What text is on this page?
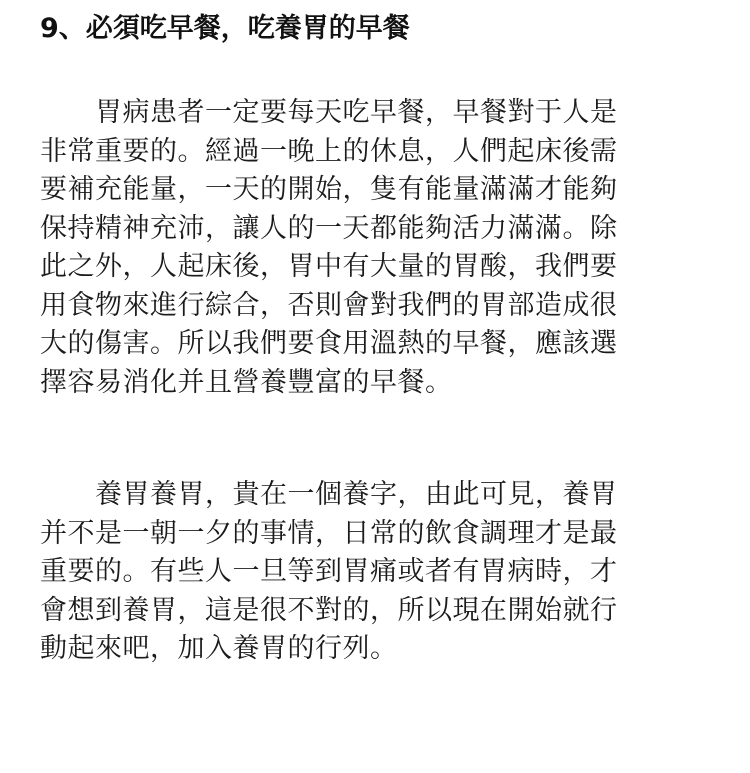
9、必須吃早餐，吃養胃的早餐
　　胃病患者一定要每天吃早餐，早餐對于人是
非常重要的。經過一晚上的休息，人們起床後需
要補充能量，一天的開始，隻有能量滿滿才能夠
保持精神充沛，讓人的一天都能夠活力滿滿。除
此之外，人起床後，胃中有大量的胃酸，我們要
用食物來進行綜合，否則會對我們的胃部造成很
大的傷害。所以我們要食用溫熱的早餐，應該選
擇容易消化并且營養豐富的早餐。
　　養胃養胃，貴在一個養字，由此可見，養胃
并不是一朝一夕的事情，日常的飲食調理才是最
重要的。有些人一旦等到胃痛或者有胃病時，才
會想到養胃，這是很不對的，所以現在開始就行
動起來吧，加入養胃的行列。
